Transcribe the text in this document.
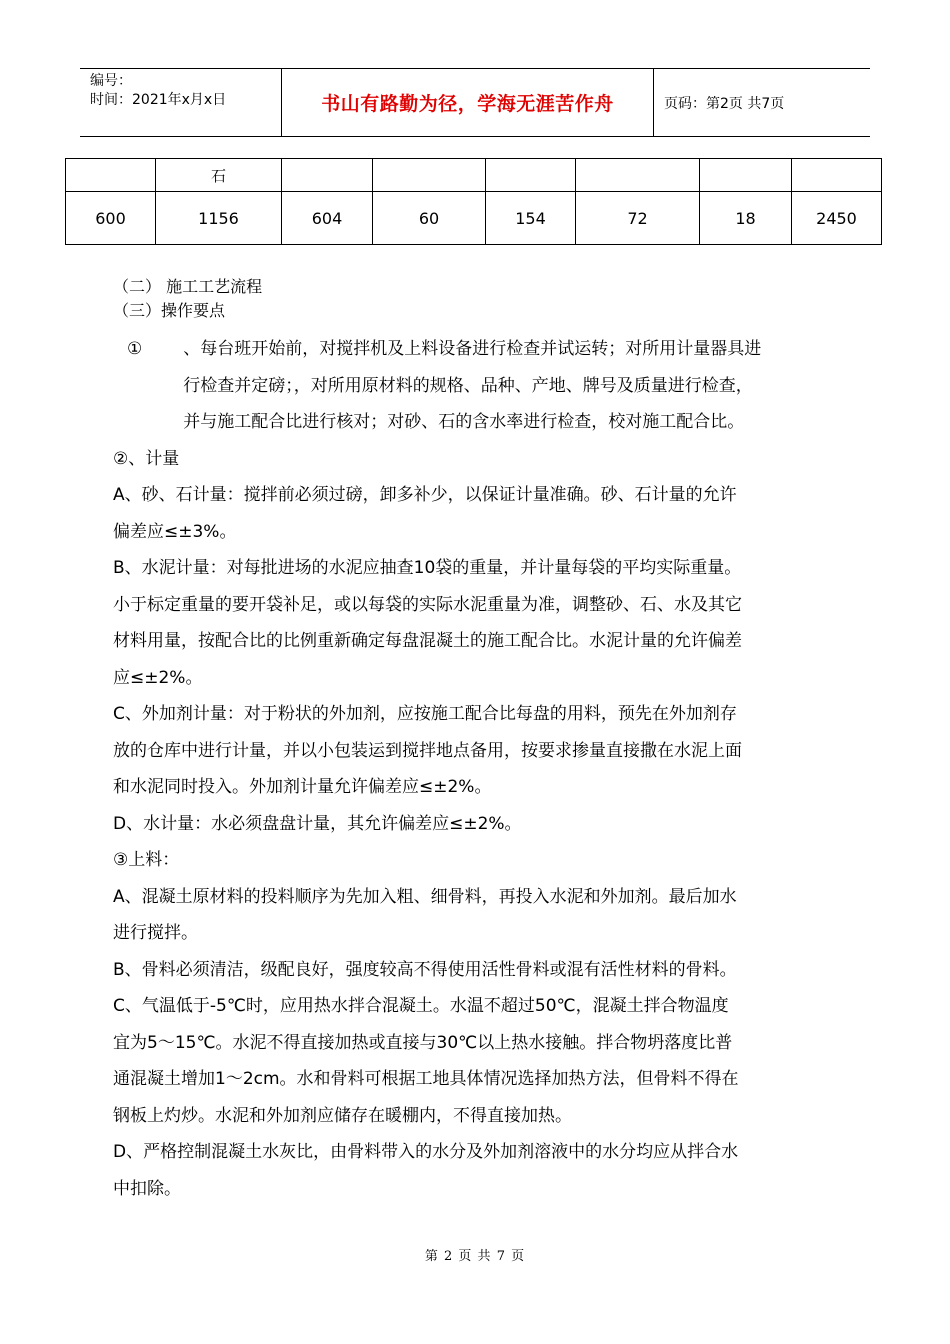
编号：
时间：2021年x月x日	书山有路勤为径，学海无涯苦作舟	页码：第2页 共7页
	石						
600	1156	604	60	154	72	18	2450
（二） 施工工艺流程
（三）操作要点
①	、每台班开始前，对搅拌机及上料设备进行检查并试运转；对所用计量器具进
行检查并定磅；，对所用原材料的规格、品种、产地、牌号及质量进行检查，
并与施工配合比进行核对；对砂、石的含水率进行检查，校对施工配合比。
②、计量
A、砂、石计量：搅拌前必须过磅，卸多补少，以保证计量准确。砂、石计量的允许
偏差应≤±3%。
B、水泥计量：对每批进场的水泥应抽查10袋的重量，并计量每袋的平均实际重量。
小于标定重量的要开袋补足，或以每袋的实际水泥重量为准，调整砂、石、水及其它
材料用量，按配合比的比例重新确定每盘混凝土的施工配合比。水泥计量的允许偏差
应≤±2%。
C、外加剂计量：对于粉状的外加剂，应按施工配合比每盘的用料，预先在外加剂存
放的仓库中进行计量，并以小包装运到搅拌地点备用，按要求掺量直接撒在水泥上面
和水泥同时投入。外加剂计量允许偏差应≤±2%。
D、水计量：水必须盘盘计量，其允许偏差应≤±2%。
③上料：
A、混凝土原材料的投料顺序为先加入粗、细骨料，再投入水泥和外加剂。最后加水
进行搅拌。
B、骨料必须清洁，级配良好，强度较高不得使用活性骨料或混有活性材料的骨料。
C、气温低于-5℃时，应用热水拌合混凝土。水温不超过50℃，混凝土拌合物温度
宜为5～15℃。水泥不得直接加热或直接与30℃以上热水接触。拌合物坍落度比普
通混凝土增加1～2cm。水和骨料可根据工地具体情况选择加热方法，但骨料不得在
钢板上灼炒。水泥和外加剂应储存在暖棚内，不得直接加热。
D、严格控制混凝土水灰比，由骨料带入的水分及外加剂溶液中的水分均应从拌合水
中扣除。
第 2 页 共 7 页
